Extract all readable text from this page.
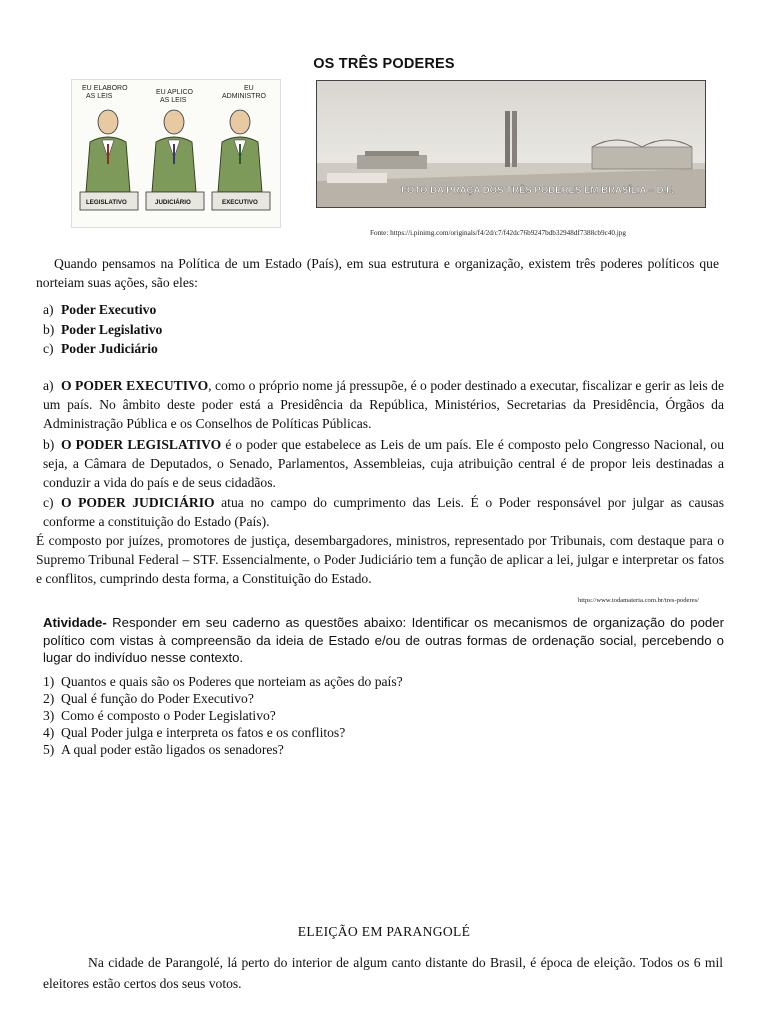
OS TRÊS PODERES
EU ELABORO AS LEIS
EU APLICO AS LEIS
EU ADMINISTRO
LEGISLATIVO	JUDICIÁRIO	EXECUTIVO
FOTO DA PRAÇA DOS TRÊS PODERES EM BRASÍLIA – D.F.
Fonte: https://i.pinimg.com/originals/f4/2d/c7/f42dc76b9247bdb32948df7388cb9c40.jpg
Quando pensamos na Política de um Estado (País), em sua estrutura e organização, existem três poderes políticos que norteiam suas ações, são eles:
a) Poder Executivo
b) Poder Legislativo
c) Poder Judiciário
a) O PODER EXECUTIVO, como o próprio nome já pressupõe, é o poder destinado a executar, fiscalizar e gerir as leis de um país. No âmbito deste poder está a Presidência da República, Ministérios, Secretarias da Presidência, Órgãos da Administração Pública e os Conselhos de Políticas Públicas.
b) O PODER LEGISLATIVO é o poder que estabelece as Leis de um país. Ele é composto pelo Congresso Nacional, ou seja, a Câmara de Deputados, o Senado, Parlamentos, Assembleias, cuja atribuição central é de propor leis destinadas a conduzir a vida do país e de seus cidadãos.
c) O PODER JUDICIÁRIO atua no campo do cumprimento das Leis. É o Poder responsável por julgar as causas conforme a constituição do Estado (País).
É composto por juízes, promotores de justiça, desembargadores, ministros, representado por Tribunais, com destaque para o Supremo Tribunal Federal – STF. Essencialmente, o Poder Judiciário tem a função de aplicar a lei, julgar e interpretar os fatos e conflitos, cumprindo desta forma, a Constituição do Estado.
https://www.todamateria.com.br/tres-poderes/
Atividade- Responder em seu caderno as questões abaixo: Identificar os mecanismos de organização do poder político com vistas à compreensão da ideia de Estado e/ou de outras formas de ordenação social, percebendo o lugar do indivíduo nesse contexto.
1) Quantos e quais são os Poderes que norteiam as ações do país?
2) Qual é função do Poder Executivo?
3) Como é composto o Poder Legislativo?
4) Qual Poder julga e interpreta os fatos e os conflitos?
5) A qual poder estão ligados os senadores?
ELEIÇÃO EM PARANGOLÉ
Na cidade de Parangolé, lá perto do interior de algum canto distante do Brasil, é época de eleição. Todos os 6 mil eleitores estão certos dos seus votos.
